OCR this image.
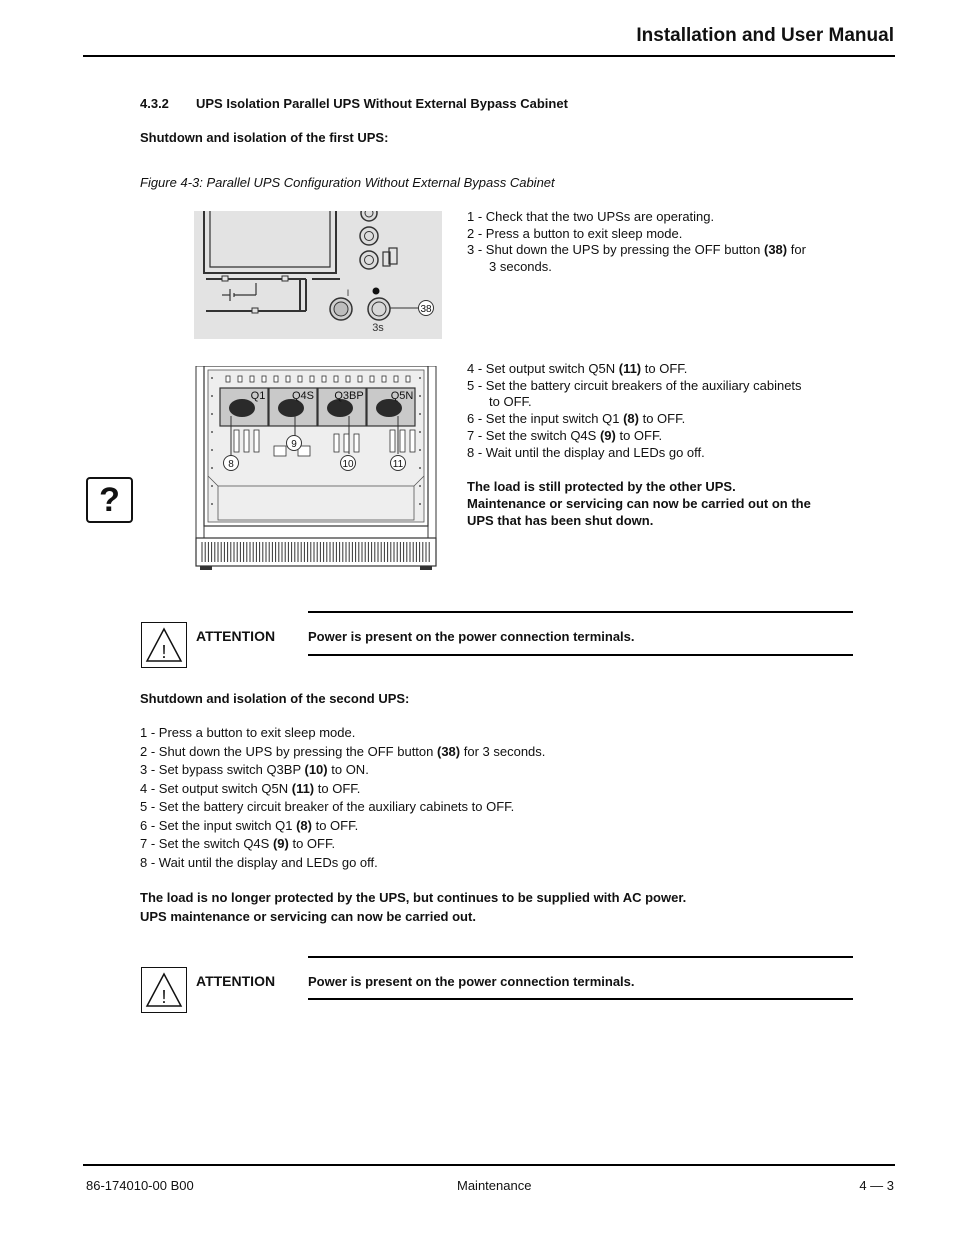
Installation and User Manual
4.3.2 UPS Isolation Parallel UPS Without External Bypass Cabinet
Shutdown and isolation of the first UPS:
Figure 4-3: Parallel UPS Configuration Without External Bypass Cabinet
I
38
3s
1 - Check that the two UPSs are operating.
2 - Press a button to exit sleep mode.
3 - Shut down the UPS by pressing the OFF button (38) for
3 seconds.
Q1 Q4S Q3BP Q5N
8
9
10	11
4 - Set output switch Q5N (11) to OFF.
5 - Set the battery circuit breakers of the auxiliary cabinets
to OFF.
6 - Set the input switch Q1 (8) to OFF.
7 - Set the switch Q4S (9) to OFF.
8 - Wait until the display and LEDs go off.
The load is still protected by the other UPS.
Maintenance or servicing can now be carried out on the
UPS that has been shut down.
?
!
ATTENTION	Power is present on the power connection terminals.
Shutdown and isolation of the second UPS:
1 - Press a button to exit sleep mode.
2 - Shut down the UPS by pressing the OFF button (38) for 3 seconds.
3 - Set bypass switch Q3BP (10) to ON.
4 - Set output switch Q5N (11) to OFF.
5 - Set the battery circuit breaker of the auxiliary cabinets to OFF.
6 - Set the input switch Q1 (8) to OFF.
7 - Set the switch Q4S (9) to OFF.
8 - Wait until the display and LEDs go off.
The load is no longer protected by the UPS, but continues to be supplied with AC power.
UPS maintenance or servicing can now be carried out.
!
ATTENTION	Power is present on the power connection terminals.
86-174010-00 B00	Maintenance	4 — 3
